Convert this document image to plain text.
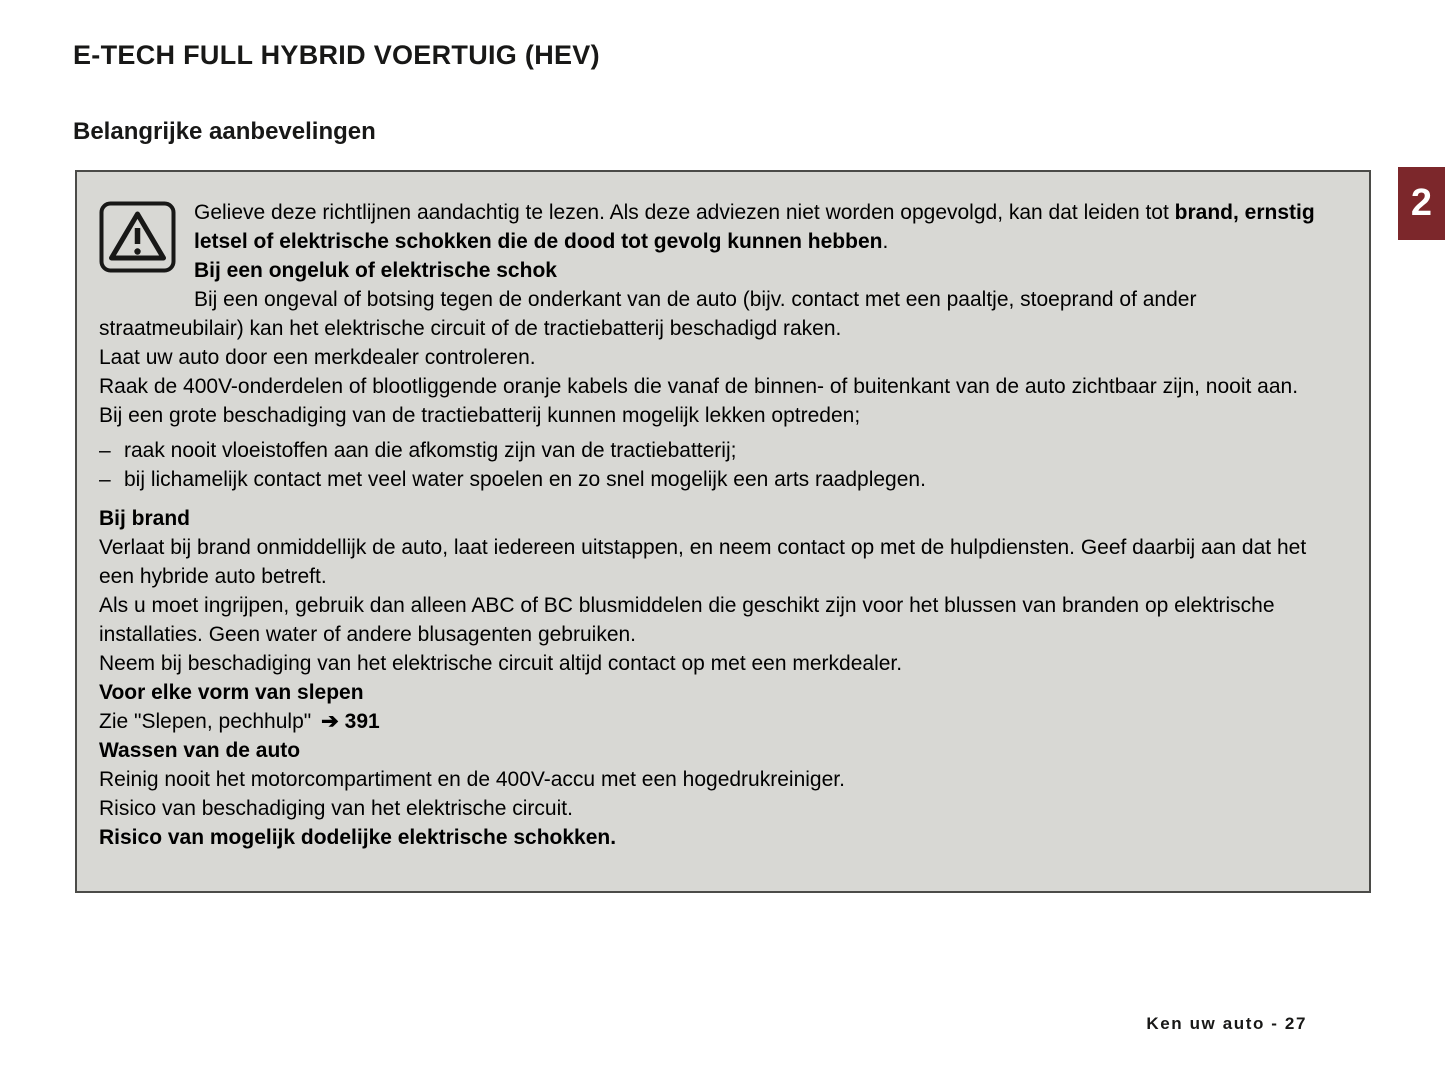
E-TECH FULL HYBRID VOERTUIG (HEV)
Belangrijke aanbevelingen

Gelieve deze richtlijnen aandachtig te lezen. Als deze adviezen niet worden opgevolgd, kan dat leiden tot brand, ernstig letsel of elektrische schokken die de dood tot gevolg kunnen hebben.

Bij een ongeluk of elektrische schok

Bij een ongeval of botsing tegen de onderkant van de auto (bijv. contact met een paaltje, stoeprand of ander straatmeubilair) kan het elektrische circuit of de tractiebatterij beschadigd raken.

Laat uw auto door een merkdealer controleren.

Raak de 400V-onderdelen of blootliggende oranje kabels die vanaf de binnen- of buitenkant van de auto zichtbaar zijn, nooit aan.

Bij een grote beschadiging van de tractiebatterij kunnen mogelijk lekken optreden;

– raak nooit vloeistoffen aan die afkomstig zijn van de tractiebatterij;
– bij lichamelijk contact met veel water spoelen en zo snel mogelijk een arts raadplegen.

Bij brand

Verlaat bij brand onmiddellijk de auto, laat iedereen uitstappen, en neem contact op met de hulpdiensten. Geef daarbij aan dat het een hybride auto betreft.

Als u moet ingrijpen, gebruik dan alleen ABC of BC blusmiddelen die geschikt zijn voor het blussen van branden op elektrische installaties. Geen water of andere blusagenten gebruiken.

Neem bij beschadiging van het elektrische circuit altijd contact op met een merkdealer.

Voor elke vorm van slepen

Zie "Slepen, pechhulp" ➔ 391

Wassen van de auto

Reinig nooit het motorcompartiment en de 400V-accu met een hogedrukreiniger.

Risico van beschadiging van het elektrische circuit.

Risico van mogelijk dodelijke elektrische schokken.

2
Ken uw auto - 27
